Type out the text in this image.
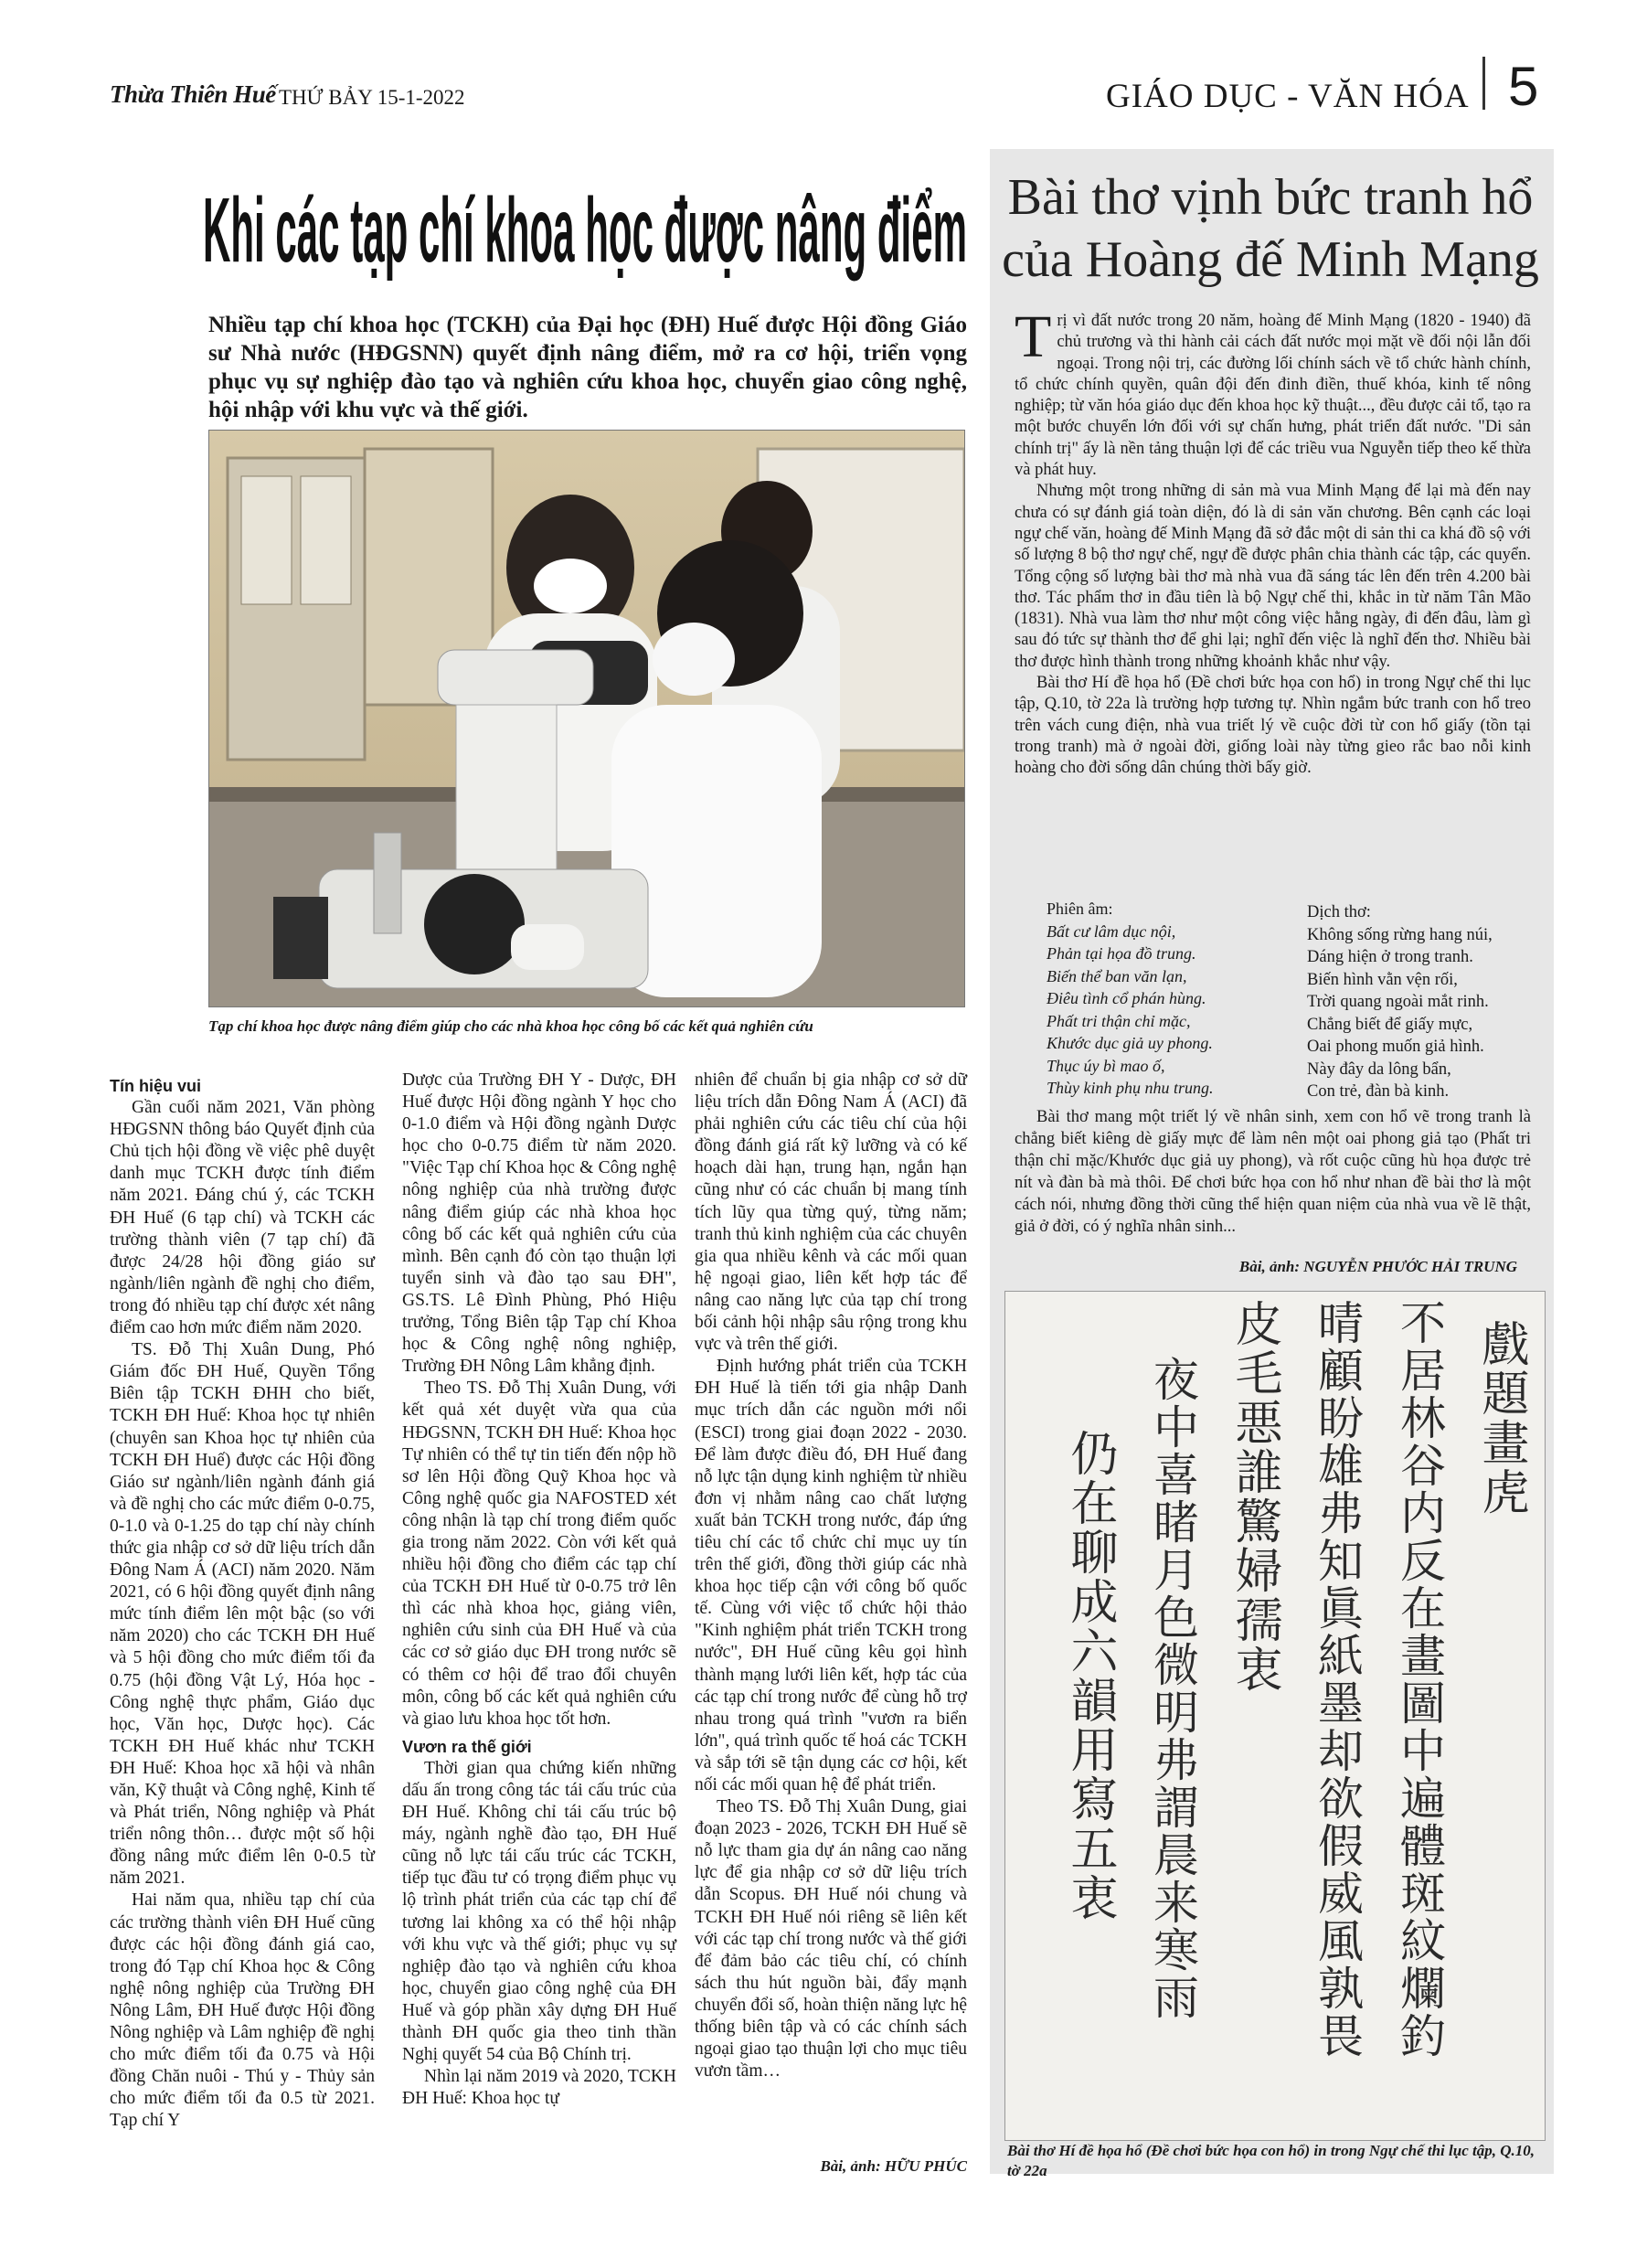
Thừa Thiên Huế THỨ BẢY 15-1-2022	GIÁO DỤC - VĂN HÓA 5
Khi các tạp chí khoa học được nâng điểm
Nhiều tạp chí khoa học (TCKH) của Đại học (ĐH) Huế được Hội đồng Giáo sư Nhà nước (HĐGSNN) quyết định nâng điểm, mở ra cơ hội, triển vọng phục vụ sự nghiệp đào tạo và nghiên cứu khoa học, chuyển giao công nghệ, hội nhập với khu vực và thế giới.
Tạp chí khoa học được nâng điểm giúp cho các nhà khoa học công bố các kết quả nghiên cứu

Tín hiệu vui

Gần cuối năm 2021, Văn phòng HĐGSNN thông báo Quyết định của Chủ tịch hội đồng về việc phê duyệt danh mục TCKH được tính điểm năm 2021. Đáng chú ý, các TCKH ĐH Huế (6 tạp chí) và TCKH các trường thành viên (7 tạp chí) đã được 24/28 hội đồng giáo sư ngành/liên ngành đề nghị cho điểm, trong đó nhiều tạp chí được xét nâng điểm cao hơn mức điểm năm 2020.

TS. Đỗ Thị Xuân Dung, Phó Giám đốc ĐH Huế, Quyền Tổng Biên tập TCKH ĐHH cho biết, TCKH ĐH Huế: Khoa học tự nhiên (chuyên san Khoa học tự nhiên của TCKH ĐH Huế) được các Hội đồng Giáo sư ngành/liên ngành đánh giá và đề nghị cho các mức điểm 0-0.75, 0-1.0 và 0-1.25 do tạp chí này chính thức gia nhập cơ sở dữ liệu trích dẫn Đông Nam Á (ACI) năm 2020. Năm 2021, có 6 hội đồng quyết định nâng mức tính điểm lên một bậc (so với năm 2020) cho các TCKH ĐH Huế và 5 hội đồng cho mức điểm tối đa 0.75 (hội đồng Vật Lý, Hóa học - Công nghệ thực phẩm, Giáo dục học, Văn học, Dược học). Các TCKH ĐH Huế khác như TCKH ĐH Huế: Khoa học xã hội và nhân văn, Kỹ thuật và Công nghệ, Kinh tế và Phát triển, Nông nghiệp và Phát triển nông thôn… được một số hội đồng nâng mức điểm lên 0-0.5 từ năm 2021.

Hai năm qua, nhiều tạp chí của các trường thành viên ĐH Huế cũng được các hội đồng đánh giá cao, trong đó Tạp chí Khoa học & Công nghệ nông nghiệp của Trường ĐH Nông Lâm, ĐH Huế được Hội đồng Nông nghiệp và Lâm nghiệp đề nghị cho mức điểm tối đa 0.75 và Hội đồng Chăn nuôi - Thú y - Thủy sản cho mức điểm tối đa 0.5 từ 2021. Tạp chí Y

Dược của Trường ĐH Y - Dược, ĐH Huế được Hội đồng ngành Y học cho 0-1.0 điểm và Hội đồng ngành Dược học cho 0-0.75 điểm từ năm 2020. "Việc Tạp chí Khoa học & Công nghệ nông nghiệp của nhà trường được nâng điểm giúp các nhà khoa học công bố các kết quả nghiên cứu của mình. Bên cạnh đó còn tạo thuận lợi tuyển sinh và đào tạo sau ĐH", GS.TS. Lê Đình Phùng, Phó Hiệu trưởng, Tổng Biên tập Tạp chí Khoa học & Công nghệ nông nghiệp, Trường ĐH Nông Lâm khẳng định.

Theo TS. Đỗ Thị Xuân Dung, với kết quả xét duyệt vừa qua của HĐGSNN, TCKH ĐH Huế: Khoa học Tự nhiên có thể tự tin tiến đến nộp hồ sơ lên Hội đồng Quỹ Khoa học và Công nghệ quốc gia NAFOSTED xét công nhận là tạp chí trong điểm quốc gia trong năm 2022. Còn với kết quả nhiều hội đồng cho điểm các tạp chí của TCKH ĐH Huế từ 0-0.75 trở lên thì các nhà khoa học, giảng viên, nghiên cứu sinh của ĐH Huế và của các cơ sở giáo dục ĐH trong nước sẽ có thêm cơ hội để trao đổi chuyên môn, công bố các kết quả nghiên cứu và giao lưu khoa học tốt hơn.

Vươn ra thế giới

Thời gian qua chứng kiến những dấu ấn trong công tác tái cấu trúc của ĐH Huế. Không chỉ tái cấu trúc bộ máy, ngành nghề đào tạo, ĐH Huế cũng nỗ lực tái cấu trúc các TCKH, tiếp tục đầu tư có trọng điểm phục vụ lộ trình phát triển của các tạp chí để tương lai không xa có thể hội nhập với khu vực và thế giới; phục vụ sự nghiệp đào tạo và nghiên cứu khoa học, chuyển giao công nghệ của ĐH Huế và góp phần xây dựng ĐH Huế thành ĐH quốc gia theo tinh thần Nghị quyết 54 của Bộ Chính trị.

Nhìn lại năm 2019 và 2020, TCKH ĐH Huế: Khoa học tự

nhiên để chuẩn bị gia nhập cơ sở dữ liệu trích dẫn Đông Nam Á (ACI) đã phải nghiên cứu các tiêu chí của hội đồng đánh giá rất kỹ lưỡng và có kế hoạch dài hạn, trung hạn, ngắn hạn cũng như có các chuẩn bị mang tính tích lũy qua từng quý, từng năm; tranh thủ kinh nghiệm của các chuyên gia qua nhiều kênh và các mối quan hệ ngoại giao, liên kết hợp tác để nâng cao năng lực của tạp chí trong bối cảnh hội nhập sâu rộng trong khu vực và trên thế giới.

Định hướng phát triển của TCKH ĐH Huế là tiến tới gia nhập Danh mục trích dẫn các nguồn mới nổi (ESCI) trong giai đoạn 2022 - 2030. Để làm được điều đó, ĐH Huế đang nỗ lực tận dụng kinh nghiệm từ nhiều đơn vị nhằm nâng cao chất lượng xuất bản TCKH trong nước, đáp ứng tiêu chí các tổ chức chỉ mục uy tín trên thế giới, đồng thời giúp các nhà khoa học tiếp cận với công bố quốc tế. Cùng với việc tổ chức hội thảo "Kinh nghiệm phát triển TCKH trong nước", ĐH Huế cũng kêu gọi hình thành mạng lưới liên kết, hợp tác của các tạp chí trong nước để cùng hỗ trợ nhau trong quá trình "vươn ra biển lớn", quá trình quốc tế hoá các TCKH và sắp tới sẽ tận dụng các cơ hội, kết nối các mối quan hệ để phát triển.

Theo TS. Đỗ Thị Xuân Dung, giai đoạn 2023 - 2026, TCKH ĐH Huế sẽ nỗ lực tham gia dự án nâng cao năng lực để gia nhập cơ sở dữ liệu trích dẫn Scopus. ĐH Huế nói chung và TCKH ĐH Huế nói riêng sẽ liên kết với các tạp chí trong nước và thế giới để đảm bảo các tiêu chí, có chính sách thu hút nguồn bài, đẩy mạnh chuyển đổi số, hoàn thiện năng lực hệ thống biên tập và có các chính sách ngoại giao tạo thuận lợi cho mục tiêu vươn tầm…

Bài, ảnh: HỮU PHÚC
Bài thơ vịnh bức tranh hổ
của Hoàng đế Minh Mạng

Trị vì đất nước trong 20 năm, hoàng đế Minh Mạng (1820 - 1940) đã chủ trương và thi hành cải cách đất nước mọi mặt về đối nội lẫn đối ngoại. Trong nội trị, các đường lối chính sách về tổ chức hành chính, tổ chức chính quyền, quân đội đến đinh điền, thuế khóa, kinh tế nông nghiệp; từ văn hóa giáo dục đến khoa học kỹ thuật..., đều được cải tổ, tạo ra một bước chuyển lớn đối với sự chấn hưng, phát triển đất nước. "Di sản chính trị" ấy là nền tảng thuận lợi để các triều vua Nguyễn tiếp theo kế thừa và phát huy.

Nhưng một trong những di sản mà vua Minh Mạng để lại mà đến nay chưa có sự đánh giá toàn diện, đó là di sản văn chương. Bên cạnh các loại ngự chế văn, hoàng đế Minh Mạng đã sở đắc một di sản thi ca khá đồ sộ với số lượng 8 bộ thơ ngự chế, ngự đề được phân chia thành các tập, các quyển. Tổng cộng số lượng bài thơ mà nhà vua đã sáng tác lên đến trên 4.200 bài thơ. Tác phẩm thơ in đầu tiên là bộ Ngự chế thi, khắc in từ năm Tân Mão (1831). Nhà vua làm thơ như một công việc hằng ngày, đi đến đâu, làm gì sau đó tức sự thành thơ để ghi lại; nghĩ đến việc là nghĩ đến thơ. Nhiều bài thơ được hình thành trong những khoảnh khắc như vậy.

Bài thơ Hí đề họa hổ (Đề chơi bức họa con hổ) in trong Ngự chế thi lục tập, Q.10, tờ 22a là trường hợp tương tự. Nhìn ngắm bức tranh con hổ treo trên vách cung điện, nhà vua triết lý về cuộc đời từ con hổ giấy (tồn tại trong tranh) mà ở ngoài đời, giống loài này từng gieo rắc bao nỗi kinh hoàng cho đời sống dân chúng thời bấy giờ.

Phiên âm:
Bất cư lâm dục nội,
Phản tại họa đồ trung.
Biến thể ban văn lạn,
Điêu tình cổ phán hùng.
Phất tri thận chỉ mặc,
Khước dục giả uy phong.
Thục úy bì mao ố,
Thùy kinh phụ nhu trung.
Dịch thơ:
Không sống rừng hang núi,
Dáng hiện ở trong tranh.
Biến hình vằn vện rối,
Trời quang ngoài mắt rinh.
Chẳng biết để giấy mực,
Oai phong muốn giả hình.
Này đây da lông bẩn,
Con trẻ, đàn bà kinh.

Bài thơ mang một triết lý về nhân sinh, xem con hổ vẽ trong tranh là chẳng biết kiêng dè giấy mực để làm nên một oai phong giả tạo (Phất tri thận chỉ mặc/Khước dục giả uy phong), và rốt cuộc cũng hù họa được trẻ nít và đàn bà mà thôi. Để chơi bức họa con hổ như nhan đề bài thơ là một cách nói, nhưng đồng thời cũng thể hiện quan niệm của nhà vua về lẽ thật, giả ở đời, có ý nghĩa nhân sinh...

Bài, ảnh: NGUYỄN PHƯỚC HẢI TRUNG
戲題畫虎
不居林谷内反在畫圖中遍體斑紋爛釣
晴顧盼雄弗知眞紙墨却欲假威風孰畏
皮毛悪誰驚婦孺衷
夜中喜睹月色微明弗謂晨来寒雨
仍在聊成六韻用寫五衷
Bài thơ Hí đề họa hổ (Đề chơi bức họa con hổ) in trong Ngự chế thi lục tập, Q.10, tờ 22a
